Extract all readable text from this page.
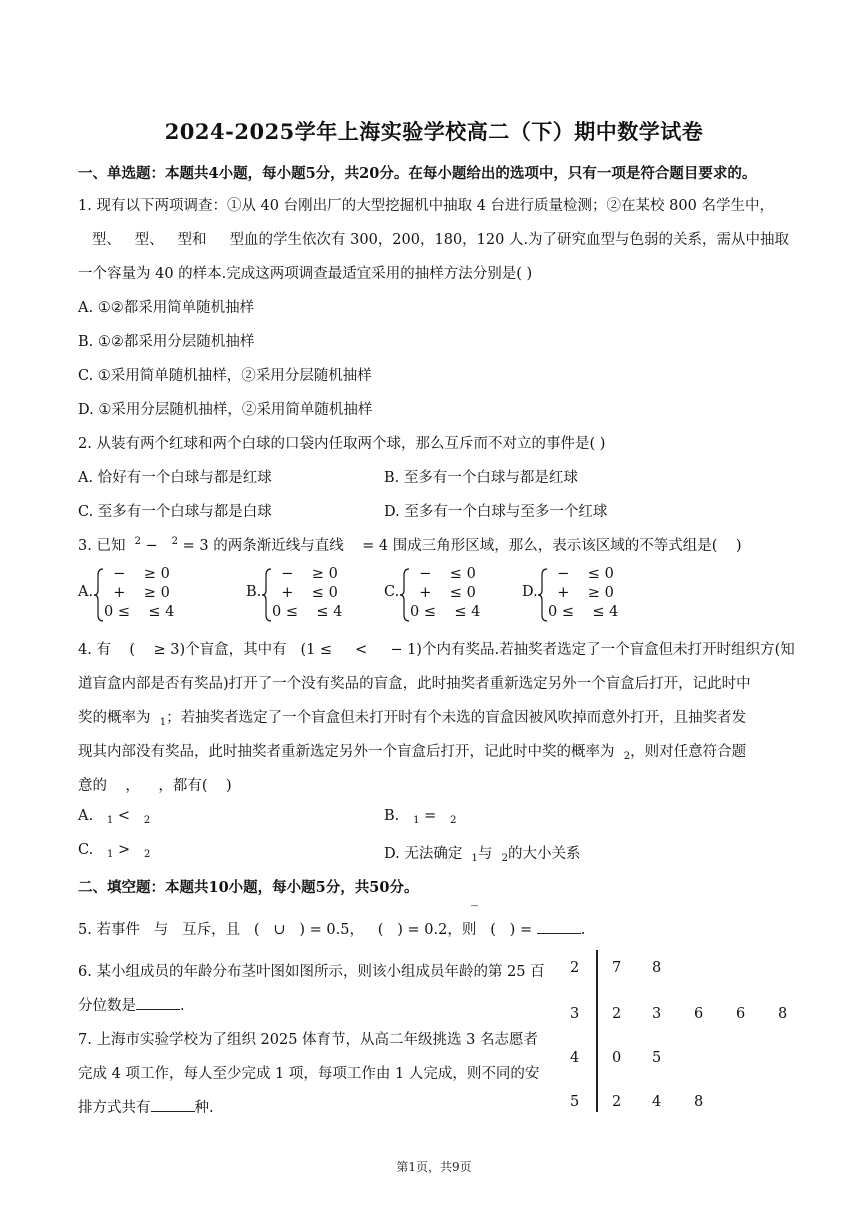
2024-2025学年上海实验学校高二（下）期中数学试卷
一、单选题：本题共4小题，每小题5分，共20分。在每小题给出的选项中，只有一项是符合题目要求的。
1. 现有以下两项调查：①从 40 台刚出厂的大型挖掘机中抽取 4 台进行质量检测；②在某校 800 名学生中，
型、   型、   型和     型血的学生依次有 300，200，180，120 人.为了研究血型与色弱的关系，需从中抽取
一个容量为 40 的样本.完成这两项调查最适宜采用的抽样方法分别是( )
A. ①②都采用简单随机抽样
B. ①②都采用分层随机抽样
C. ①采用简单随机抽样，②采用分层随机抽样
D. ①采用分层随机抽样，②采用简单随机抽样
2. 从装有两个红球和两个白球的口袋内任取两个球，那么互斥而不对立的事件是( )
A. 恰好有一个白球与都是红球	B. 至多有一个白球与都是红球
C. 至多有一个白球与都是白球	D. 至多有一个白球与至多一个红球
3. 已知 $^2$ − $^2$ = 3 的两条渐近线与直线    = 4 围成三角形区域，那么，表示该区域的不等式组是(    )
A.
−    ≥ 0
+    ≥ 0
0 ≤    ≤ 4
B.
−    ≥ 0
+    ≤ 0
0 ≤    ≤ 4
C.
−    ≤ 0
+    ≤ 0
0 ≤    ≤ 4
D.
−    ≤ 0
+    ≥ 0
0 ≤    ≤ 4
4. 有    (    ≥ 3)个盲盒，其中有   (1 ≤     <     − 1)个内有奖品.若抽奖者选定了一个盲盒但未打开时组织方(知
道盲盒内部是否有奖品)打开了一个没有奖品的盲盒，此时抽奖者重新选定另外一个盲盒后打开，记此时中
奖的概率为 $_1$；若抽奖者选定了一个盲盒但未打开时有个未选的盲盒因被风吹掉而意外打开，且抽奖者发
现其内部没有奖品，此时抽奖者重新选定另外一个盲盒后打开，记此时中奖的概率为 $_2$，则对任意符合题
意的    ，    ，都有(    )
A. $_1$ < $_2$	B. $_1$ = $_2$
C. $_1$ > $_2$	D. 无法确定 $_1$与 $_2$的大小关系
二、填空题：本题共10小题，每小题5分，共50分。
5. 若事件   与   互斥，且   (   ∪   ) = 0.5，   (   ) = 0.2，则   (   ) =	.
‾
6. 某小组成员的年龄分布茎叶图如图所示，则该小组成员年龄的第 25 百
分位数是	.
7. 上海市实验学校为了组织 2025 体育节，从高二年级挑选 3 名志愿者
完成 4 项工作，每人至少完成 1 项，每项工作由 1 人完成，则不同的安
排方式共有	种.
2 7 8
3 2 3 6 6 8
4 0 5
5 2 4 8
第1页，共9页
